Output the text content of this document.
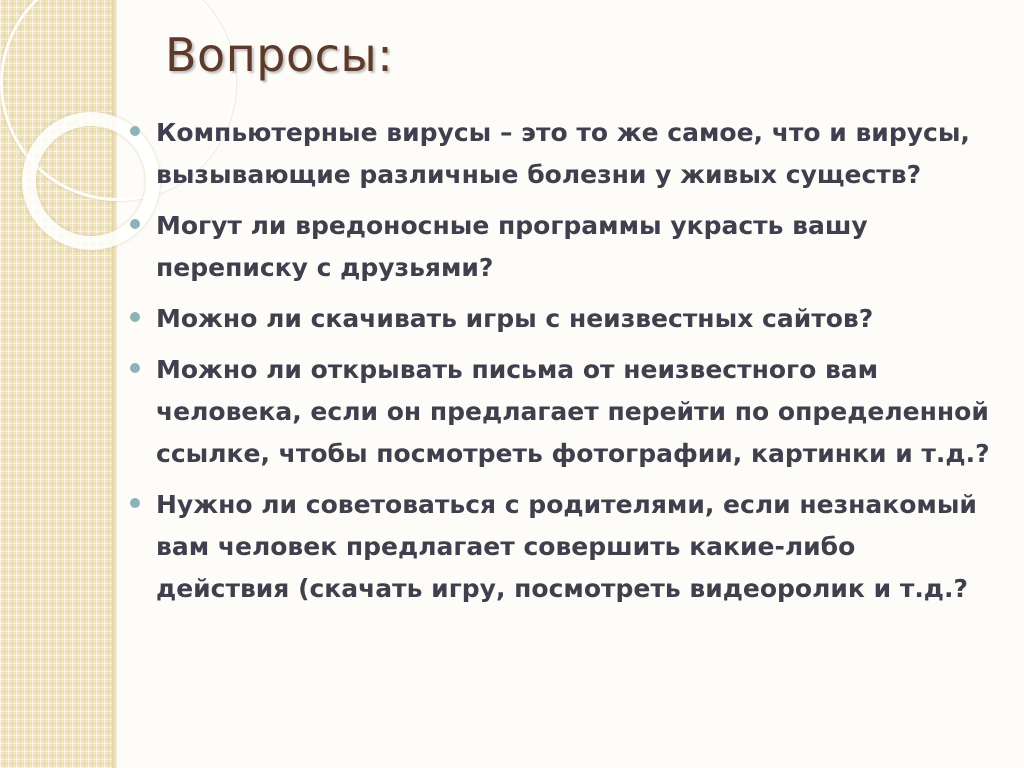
Вопросы:
Компьютерные вирусы – это то же самое, что и вирусы, вызывающие различные болезни у живых существ?
Могут ли вредоносные программы украсть вашу переписку с друзьями?
Можно ли скачивать игры с неизвестных сайтов?
Можно ли открывать письма от неизвестного вам человека, если он предлагает перейти по определенной ссылке, чтобы посмотреть фотографии, картинки и т.д.?
Нужно ли советоваться с родителями, если незнакомый вам человек предлагает совершить какие-либо действия (скачать игру, посмотреть видеоролик и т.д.?
